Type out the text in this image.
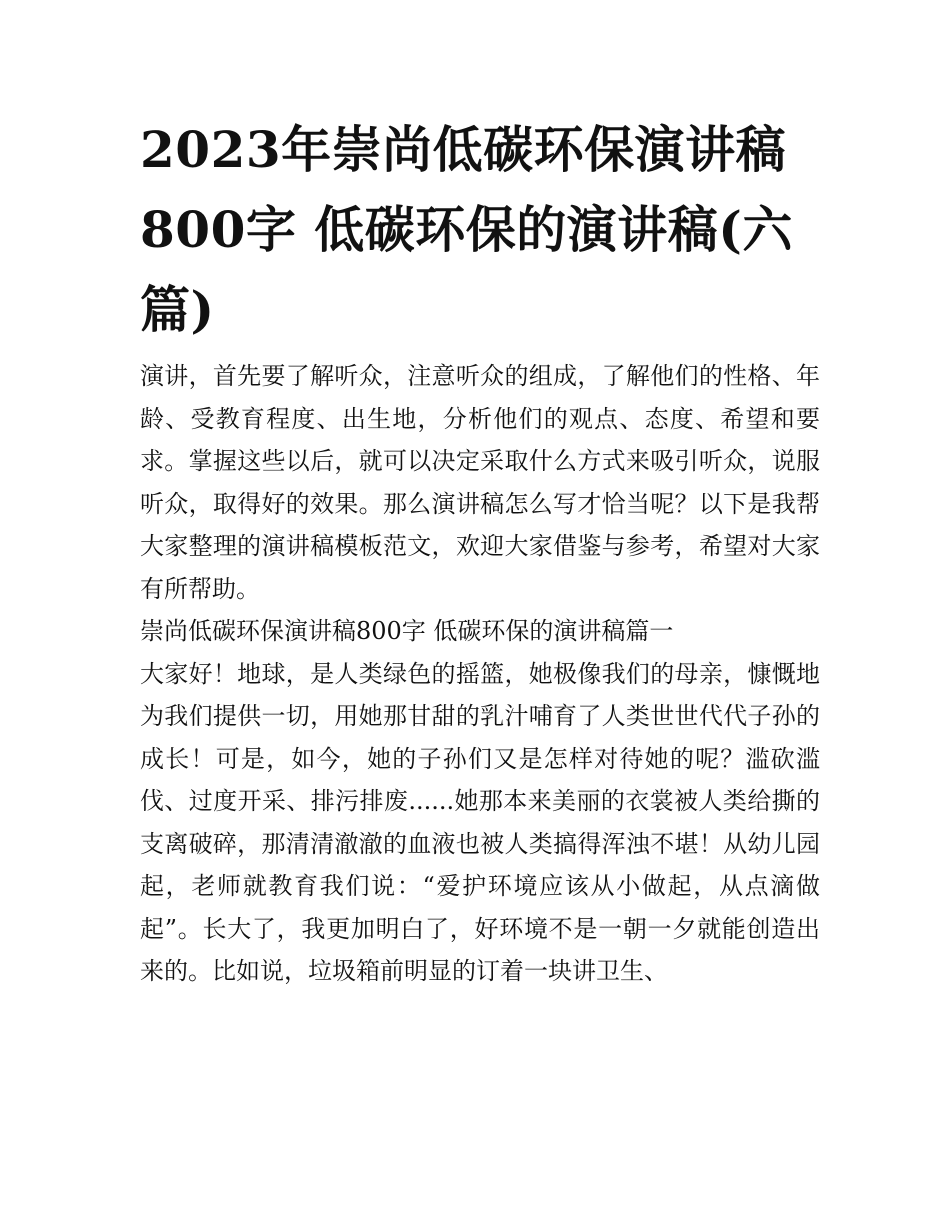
2023年崇尚低碳环保演讲稿800字 低碳环保的演讲稿(六篇)

演讲，首先要了解听众，注意听众的组成，了解他们的性格、年龄、受教育程度、出生地，分析他们的观点、态度、希望和要求。掌握这些以后，就可以决定采取什么方式来吸引听众，说服听众，取得好的效果。那么演讲稿怎么写才恰当呢？以下是我帮大家整理的演讲稿模板范文，欢迎大家借鉴与参考，希望对大家有所帮助。

崇尚低碳环保演讲稿800字 低碳环保的演讲稿篇一

大家好！地球，是人类绿色的摇篮，她极像我们的母亲，慷慨地为我们提供一切，用她那甘甜的乳汁哺育了人类世世代代子孙的成长！可是，如今，她的子孙们又是怎样对待她的呢？滥砍滥伐、过度开采、排污排废......她那本来美丽的衣裳被人类给撕的支离破碎，那清清澈澈的血液也被人类搞得浑浊不堪！从幼儿园起，老师就教育我们说：“爱护环境应该从小做起，从点滴做起”。长大了，我更加明白了，好环境不是一朝一夕就能创造出来的。比如说，垃圾箱前明显的订着一块讲卫生、
